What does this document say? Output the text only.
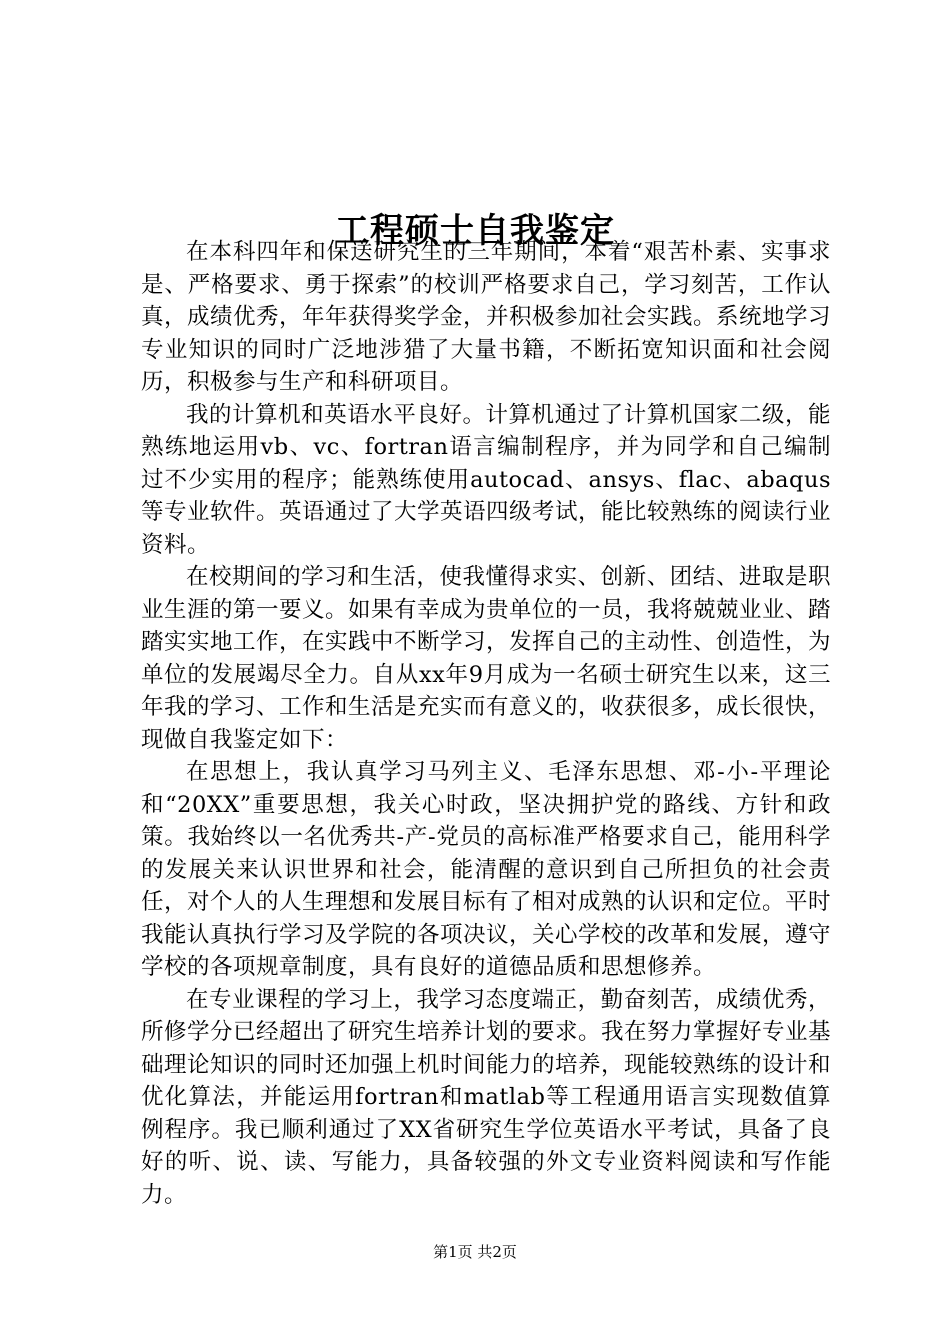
工程硕士自我鉴定

在本科四年和保送研究生的三年期间，本着“艰苦朴素、实事求是、严格要求、勇于探索”的校训严格要求自己，学习刻苦，工作认真，成绩优秀，年年获得奖学金，并积极参加社会实践。系统地学习专业知识的同时广泛地涉猎了大量书籍，不断拓宽知识面和社会阅历，积极参与生产和科研项目。

我的计算机和英语水平良好。计算机通过了计算机国家二级，能熟练地运用vb、vc、fortran语言编制程序，并为同学和自己编制过不少实用的程序；能熟练使用autocad、ansys、flac、abaqus等专业软件。英语通过了大学英语四级考试，能比较熟练的阅读行业资料。

在校期间的学习和生活，使我懂得求实、创新、团结、进取是职业生涯的第一要义。如果有幸成为贵单位的一员，我将兢兢业业、踏踏实实地工作，在实践中不断学习，发挥自己的主动性、创造性，为单位的发展竭尽全力。自从xx年9月成为一名硕士研究生以来，这三年我的学习、工作和生活是充实而有意义的，收获很多，成长很快，现做自我鉴定如下：

在思想上，我认真学习马列主义、毛泽东思想、邓-小-平理论和“20XX”重要思想，我关心时政，坚决拥护党的路线、方针和政策。我始终以一名优秀共-产-党员的高标准严格要求自己，能用科学的发展关来认识世界和社会，能清醒的意识到自己所担负的社会责任，对个人的人生理想和发展目标有了相对成熟的认识和定位。平时我能认真执行学习及学院的各项决议，关心学校的改革和发展，遵守学校的各项规章制度，具有良好的道德品质和思想修养。

在专业课程的学习上，我学习态度端正，勤奋刻苦，成绩优秀，所修学分已经超出了研究生培养计划的要求。我在努力掌握好专业基础理论知识的同时还加强上机时间能力的培养，现能较熟练的设计和优化算法，并能运用fortran和matlab等工程通用语言实现数值算例程序。我已顺利通过了XX省研究生学位英语水平考试，具备了良好的听、说、读、写能力，具备较强的外文专业资料阅读和写作能力。

第1页 共2页
